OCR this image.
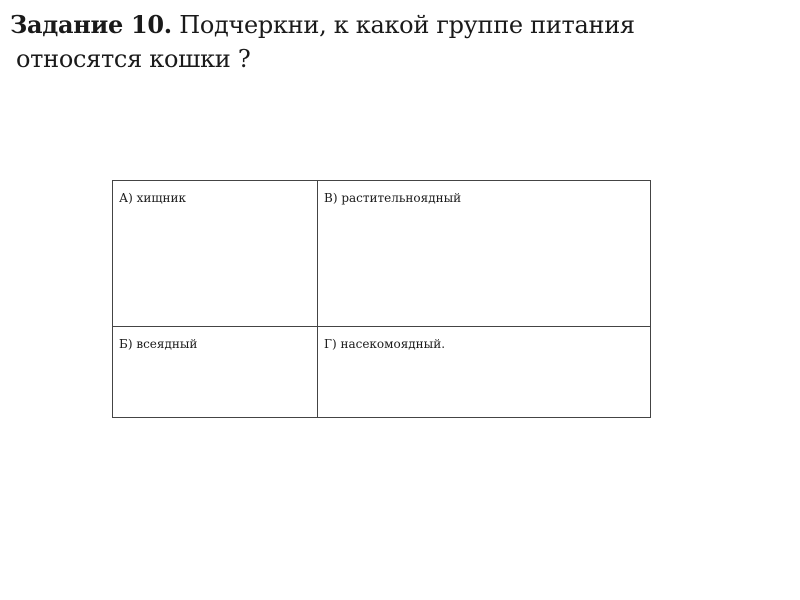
Задание 10. Подчеркни, к какой группе питания
относятся кошки ?
А) хищник	В) растительноядный
Б) всеядный	Г) насекомоядный.
